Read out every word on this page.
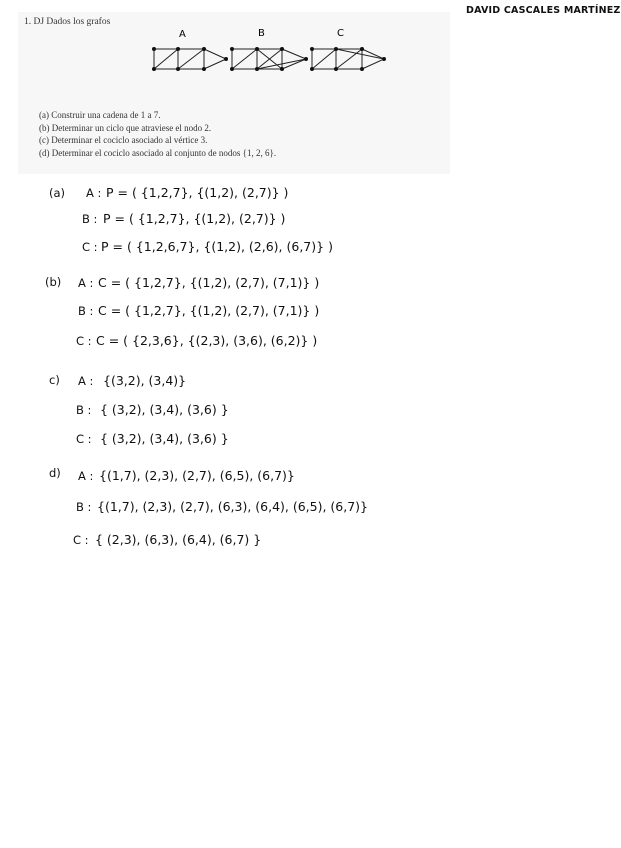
DAVID CASCALES MARTÍNEZ
1. DJ Dados los grafos
A	B	C
(a) Construir una cadena de 1 a 7.
(b) Determinar un ciclo que atraviese el nodo 2.
(c) Determinar el cociclo asociado al vértice 3.
(d) Determinar el cociclo asociado al conjunto de nodos {1, 2, 6}.
(a) A : P = ( {1,2,7}, {(1,2), (2,7)} )
B : P = ( {1,2,7}, {(1,2), (2,7)} )
C : P = ( {1,2,6,7}, {(1,2), (2,6), (6,7)} )
(b) A : C = ( {1,2,7}, {(1,2), (2,7), (7,1)} )
B : C = ( {1,2,7}, {(1,2), (2,7), (7,1)} )
C : C = ( {2,3,6}, {(2,3), (3,6), (6,2)} )
c) A : {(3,2), (3,4)}
B : { (3,2), (3,4), (3,6) }
C : { (3,2), (3,4), (3,6) }
d) A : {(1,7), (2,3), (2,7), (6,5), (6,7)}
B : {(1,7), (2,3), (2,7), (6,3), (6,4), (6,5), (6,7)}
C : { (2,3), (6,3), (6,4), (6,7) }
